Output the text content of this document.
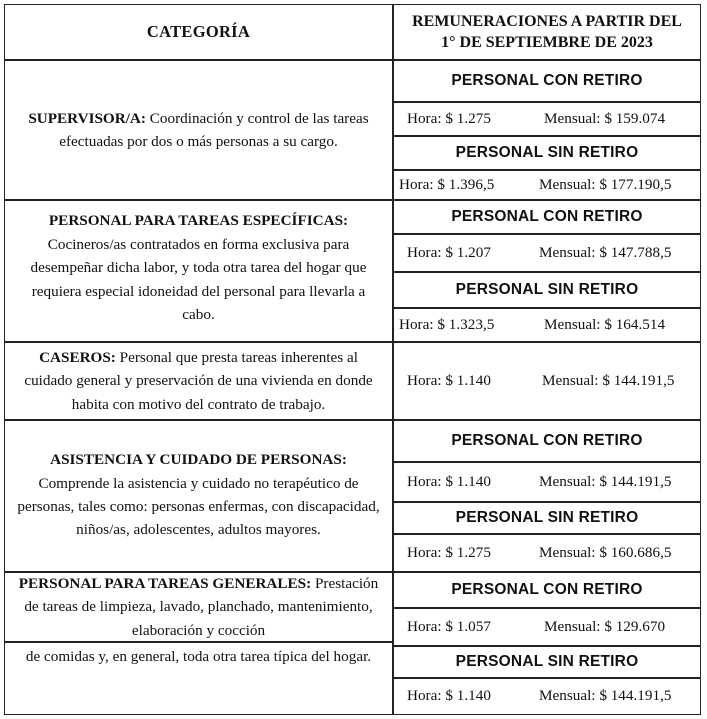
CATEGORÍA
REMUNERACIONES A PARTIR DEL
1° DE SEPTIEMBRE DE 2023
SUPERVISOR/A: Coordinación y control de las tareas efectuadas por dos o más personas a su cargo.
PERSONAL CON RETIRO
Hora: $ 1.275	Mensual: $ 159.074
PERSONAL SIN RETIRO
Hora: $ 1.396,5	Mensual: $ 177.190,5
PERSONAL PARA TAREAS ESPECÍFICAS: Cocineros/as contratados en forma exclusiva para desempeñar dicha labor, y toda otra tarea del hogar que requiera especial idoneidad del personal para llevarla a cabo.
PERSONAL CON RETIRO
Hora: $ 1.207	Mensual: $ 147.788,5
PERSONAL SIN RETIRO
Hora: $ 1.323,5	Mensual: $ 164.514
CASEROS: Personal que presta tareas inherentes al cuidado general y preservación de una vivienda en donde habita con motivo del contrato de trabajo.
Hora: $ 1.140	Mensual: $ 144.191,5
ASISTENCIA Y CUIDADO DE PERSONAS: Comprende la asistencia y cuidado no terapéutico de personas, tales como: personas enfermas, con discapacidad, niños/as, adolescentes, adultos mayores.
PERSONAL CON RETIRO
Hora: $ 1.140	Mensual: $ 144.191,5
PERSONAL SIN RETIRO
Hora: $ 1.275	Mensual: $ 160.686,5
PERSONAL PARA TAREAS GENERALES: Prestación de tareas de limpieza, lavado, planchado, mantenimiento, elaboración y cocción
de comidas y, en general, toda otra tarea típica del hogar.
PERSONAL CON RETIRO
Hora: $ 1.057	Mensual: $ 129.670
PERSONAL SIN RETIRO
Hora: $ 1.140	Mensual: $ 144.191,5
